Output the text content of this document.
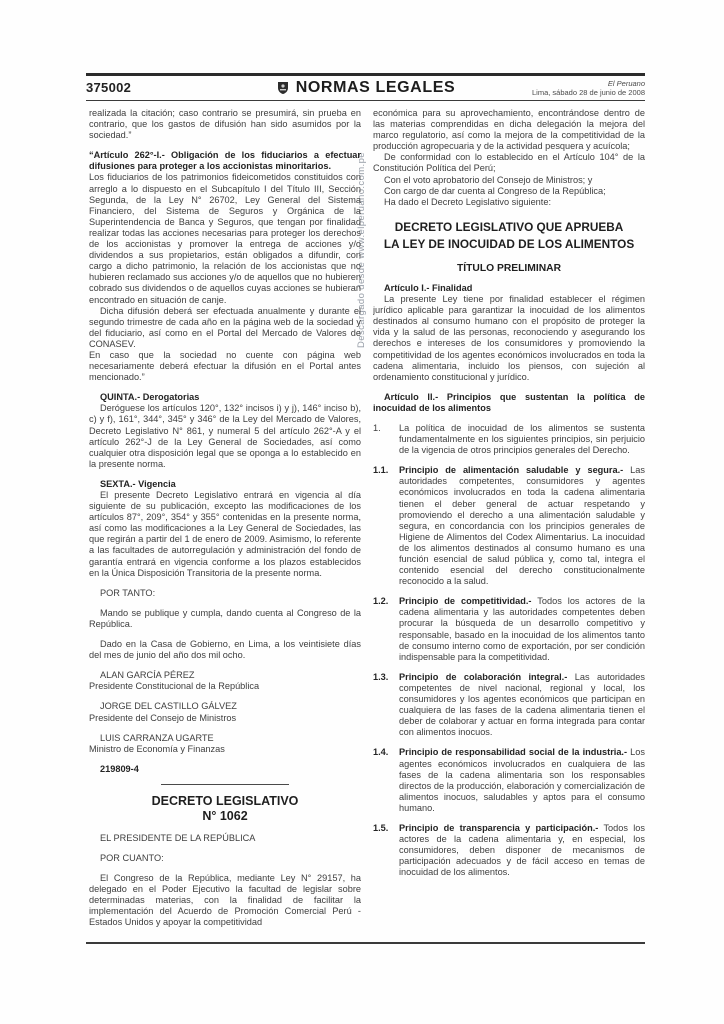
375002	NORMAS LEGALES	El Peruano
Lima, sábado 28 de junio de 2008
Descargado desde www.elperuano.com.pe
realizada la citación; caso contrario se presumirá, sin prueba en contrario, que los gastos de difusión han sido asumidos por la sociedad.”
“Artículo 262°-I.- Obligación de los fiduciarios a efectuar difusiones para proteger a los accionistas minoritarios.
Los fiduciarios de los patrimonios fideicometidos constituidos con arreglo a lo dispuesto en el Subcapítulo I del Título III, Sección Segunda, de la Ley N° 26702, Ley General del Sistema Financiero, del Sistema de Seguros y Orgánica de la Superintendencia de Banca y Seguros, que tengan por finalidad realizar todas las acciones necesarias para proteger los derechos de los accionistas y promover la entrega de acciones y/o dividendos a sus propietarios, están obligados a difundir, con cargo a dicho patrimonio, la relación de los accionistas que no hubieren reclamado sus acciones y/o de aquellos que no hubieren cobrado sus dividendos o de aquellos cuyas acciones se hubieran encontrado en situación de canje.
Dicha difusión deberá ser efectuada anualmente y durante el segundo trimestre de cada año en la página web de la sociedad y del fiduciario, así como en el Portal del Mercado de Valores de CONASEV.
En caso que la sociedad no cuente con página web necesariamente deberá efectuar la difusión en el Portal antes mencionado.”
QUINTA.- Derogatorias
Deróguese los artículos 120°, 132° incisos i) y j), 146° inciso b), c) y f), 161°, 344°, 345° y 346° de la Ley del Mercado de Valores, Decreto Legislativo N° 861, y numeral 5 del artículo 262°-A y el artículo 262°-J de la Ley General de Sociedades, así como cualquier otra disposición legal que se oponga a lo establecido en la presente norma.
SEXTA.- Vigencia
El presente Decreto Legislativo entrará en vigencia al día siguiente de su publicación, excepto las modificaciones de los artículos 87°, 209°, 354° y 355° contenidas en la presente norma, así como las modificaciones a la Ley General de Sociedades, las que regirán a partir del 1 de enero de 2009. Asimismo, lo referente a las facultades de autorregulación y administración del fondo de garantía entrará en vigencia conforme a los plazos establecidos en la Única Disposición Transitoria de la presente norma.
POR TANTO:
Mando se publique y cumpla, dando cuenta al Congreso de la República.
Dado en la Casa de Gobierno, en Lima, a los veintisiete días del mes de junio del año dos mil ocho.
ALAN GARCÍA PÉREZ
Presidente Constitucional de la República
JORGE DEL CASTILLO GÁLVEZ
Presidente del Consejo de Ministros
LUIS CARRANZA UGARTE
Ministro de Economía y Finanzas
219809-4
DECRETO LEGISLATIVO
N° 1062
EL PRESIDENTE DE LA REPÚBLICA
POR CUANTO:
El Congreso de la República, mediante Ley N° 29157, ha delegado en el Poder Ejecutivo la facultad de legislar sobre determinadas materias, con la finalidad de facilitar la implementación del Acuerdo de Promoción Comercial Perú - Estados Unidos y apoyar la competitividad
económica para su aprovechamiento, encontrándose dentro de las materias comprendidas en dicha delegación la mejora del marco regulatorio, así como la mejora de la competitividad de la producción agropecuaria y de la actividad pesquera y acuícola;
De conformidad con lo establecido en el Artículo 104° de la Constitución Política del Perú;
Con el voto aprobatorio del Consejo de Ministros; y
Con cargo de dar cuenta al Congreso de la República;
Ha dado el Decreto Legislativo siguiente:
DECRETO LEGISLATIVO QUE APRUEBA
LA LEY DE INOCUIDAD DE LOS ALIMENTOS
TÍTULO PRELIMINAR
Artículo I.- Finalidad
La presente Ley tiene por finalidad establecer el régimen jurídico aplicable para garantizar la inocuidad de los alimentos destinados al consumo humano con el propósito de proteger la vida y la salud de las personas, reconociendo y asegurando los derechos e intereses de los consumidores y promoviendo la competitividad de los agentes económicos involucrados en toda la cadena alimentaria, incluido los piensos, con sujeción al ordenamiento constitucional y jurídico.
Artículo II.- Principios que sustentan la política de inocuidad de los alimentos
1.	La política de inocuidad de los alimentos se sustenta fundamentalmente en los siguientes principios, sin perjuicio de la vigencia de otros principios generales del Derecho.
1.1.	Principio de alimentación saludable y segura.- Las autoridades competentes, consumidores y agentes económicos involucrados en toda la cadena alimentaria tienen el deber general de actuar respetando y promoviendo el derecho a una alimentación saludable y segura, en concordancia con los principios generales de Higiene de Alimentos del Codex Alimentarius. La inocuidad de los alimentos destinados al consumo humano es una función esencial de salud pública y, como tal, integra el contenido esencial del derecho constitucionalmente reconocido a la salud.
1.2.	Principio de competitividad.- Todos los actores de la cadena alimentaria y las autoridades competentes deben procurar la búsqueda de un desarrollo competitivo y responsable, basado en la inocuidad de los alimentos tanto de consumo interno como de exportación, por ser condición indispensable para la competitividad.
1.3.	Principio de colaboración integral.- Las autoridades competentes de nivel nacional, regional y local, los consumidores y los agentes económicos que participan en cualquiera de las fases de la cadena alimentaria tienen el deber de colaborar y actuar en forma integrada para contar con alimentos inocuos.
1.4.	Principio de responsabilidad social de la industria.- Los agentes económicos involucrados en cualquiera de las fases de la cadena alimentaria son los responsables directos de la producción, elaboración y comercialización de alimentos inocuos, saludables y aptos para el consumo humano.
1.5.	Principio de transparencia y participación.- Todos los actores de la cadena alimentaria y, en especial, los consumidores, deben disponer de mecanismos de participación adecuados y de fácil acceso en temas de inocuidad de los alimentos.
